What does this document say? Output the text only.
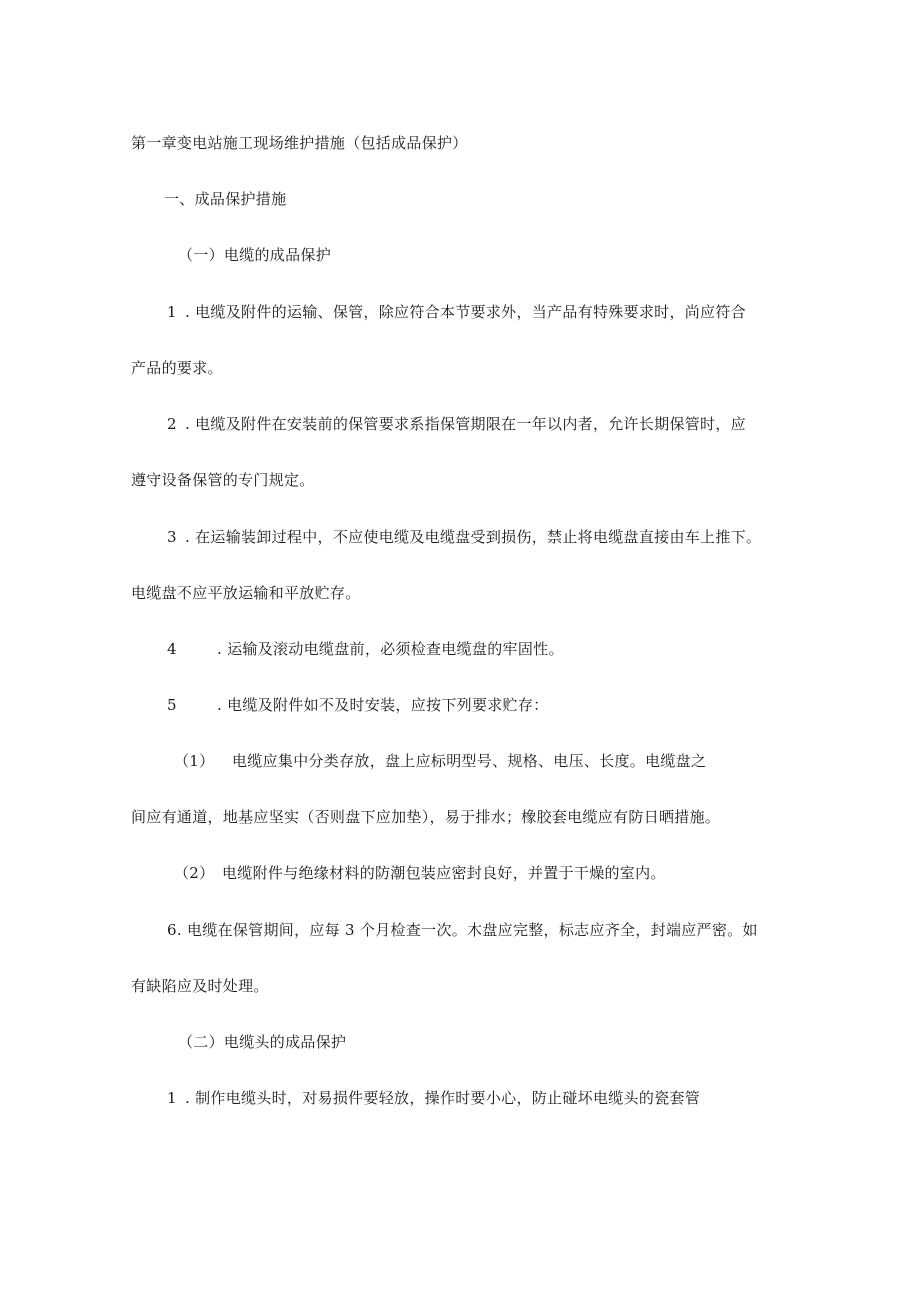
第一章变电站施工现场维护措施（包括成品保护）
一、成品保护措施
（一）电缆的成品保护
1 . 电缆及附件的运输、保管，除应符合本节要求外，当产品有特殊要求时，尚应符合
产品的要求。
2 . 电缆及附件在安装前的保管要求系指保管期限在一年以内者，允许长期保管时，应
遵守设备保管的专门规定。
3 . 在运输装卸过程中，不应使电缆及电缆盘受到损伤，禁止将电缆盘直接由车上推下。
电缆盘不应平放运输和平放贮存。
4	. 运输及滚动电缆盘前，必须检查电缆盘的牢固性。
5	. 电缆及附件如不及时安装，应按下列要求贮存：
（1） 电缆应集中分类存放，盘上应标明型号、规格、电压、长度。电缆盘之
间应有通道，地基应坚实（否则盘下应加垫），易于排水；橡胶套电缆应有防日晒措施。
（2） 电缆附件与绝缘材料的防潮包装应密封良好，并置于干燥的室内。
6. 电缆在保管期间，应每 3 个月检查一次。木盘应完整，标志应齐全，封端应严密。如
有缺陷应及时处理。
（二）电缆头的成品保护
1 . 制作电缆头时，对易损件要轻放，操作时要小心，防止碰坏电缆头的瓷套管
